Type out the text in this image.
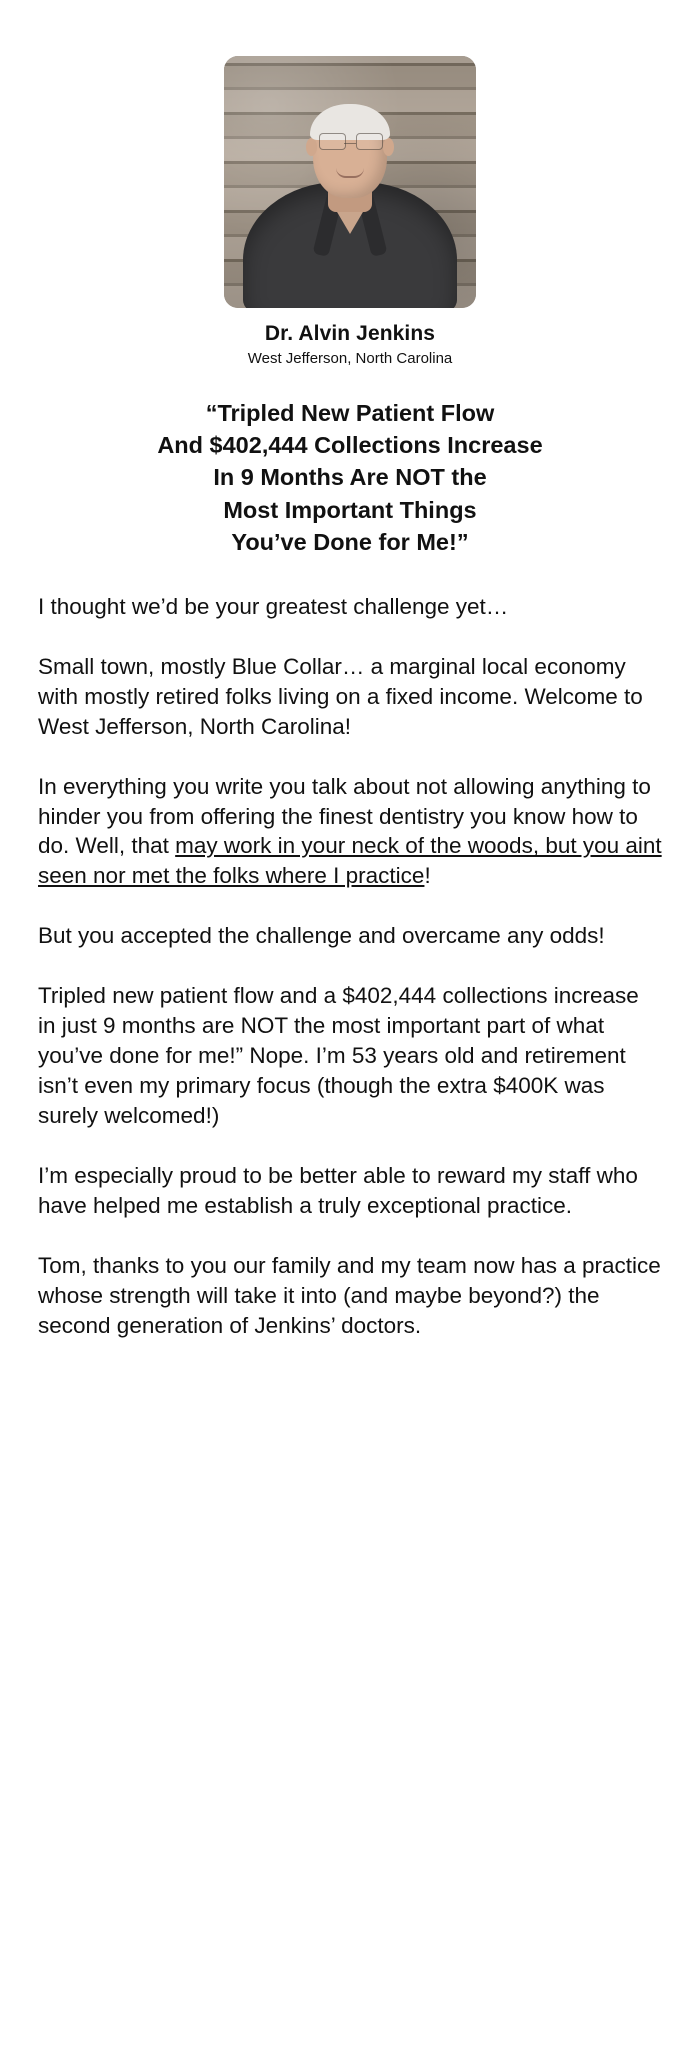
Dr. Alvin Jenkins
West Jefferson, North Carolina
“Tripled New Patient Flow
And $402,444 Collections Increase
In 9 Months Are NOT the
Most Important Things
You’ve Done for Me!”

I thought we’d be your greatest challenge yet…

Small town, mostly Blue Collar… a marginal local economy with mostly retired folks living on a fixed income. Welcome to West Jefferson, North Carolina!

In everything you write you talk about not allowing anything to hinder you from offering the finest dentistry you know how to do. Well, that may work in your neck of the woods, but you aint seen nor met the folks where I practice!

But you accepted the challenge and overcame any odds!

Tripled new patient flow and a $402,444 collections increase in just 9 months are NOT the most important part of what you’ve done for me!” Nope. I’m 53 years old and retirement isn’t even my primary focus (though the extra $400K was surely welcomed!)

I’m especially proud to be better able to reward my staff who have helped me establish a truly exceptional practice.

Tom, thanks to you our family and my team now has a practice whose strength will take it into (and maybe beyond?) the second generation of Jenkins’ doctors.
